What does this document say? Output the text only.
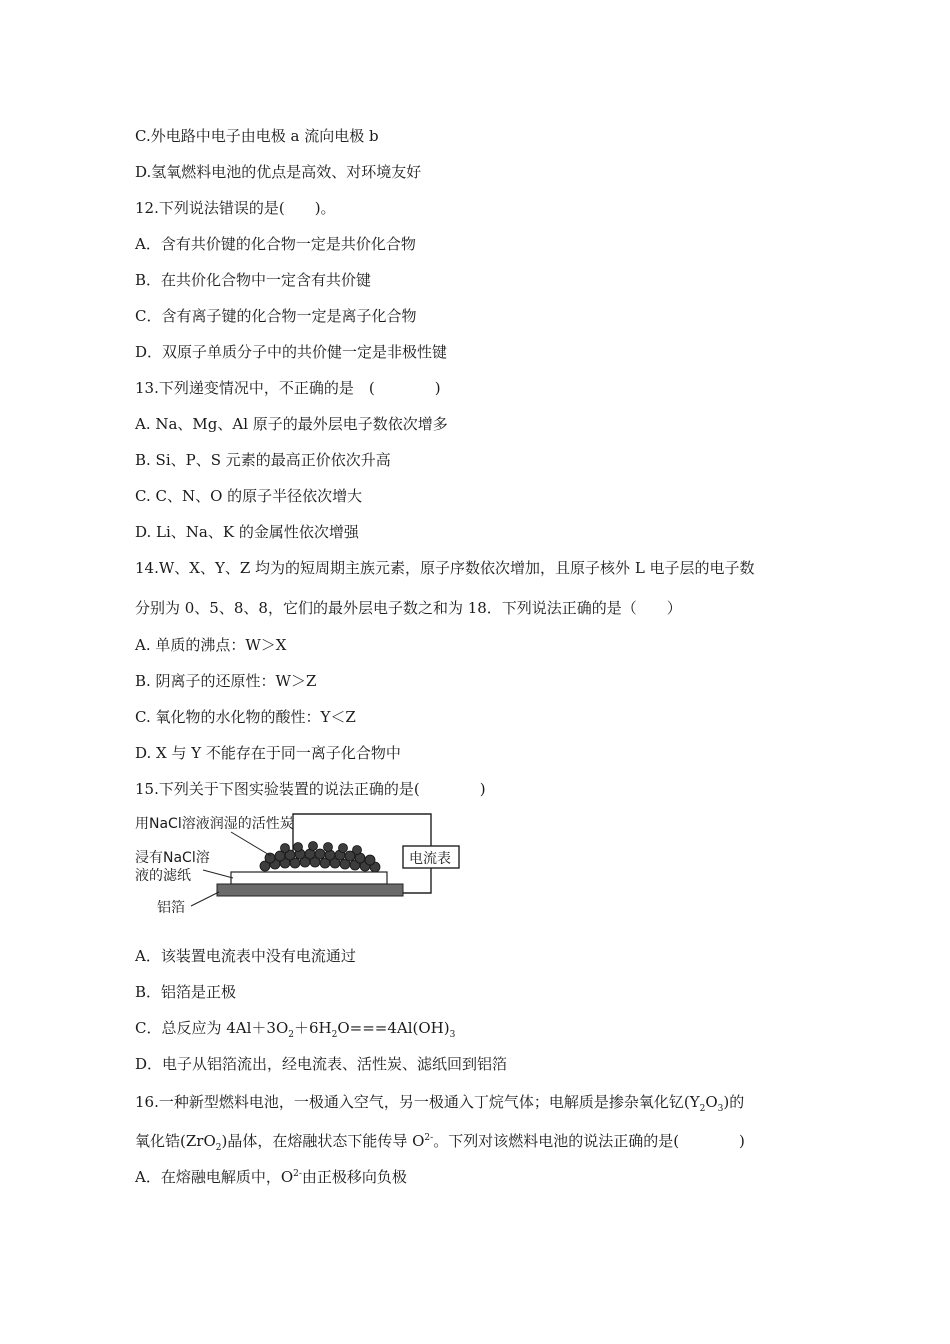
C.外电路中电子由电极 a 流向电极 b
D.氢氧燃料电池的优点是高效、对环境友好
12.下列说法错误的是(　　)。
A．含有共价键的化合物一定是共价化合物
B．在共价化合物中一定含有共价键
C．含有离子键的化合物一定是离子化合物
D．双原子单质分子中的共价健一定是非极性键
13.下列递变情况中，不正确的是　(　　　　)
A. Na、Mg、Al 原子的最外层电子数依次增多
B. Si、P、S 元素的最高正价依次升高
C. C、N、O 的原子半径依次增大
D. Li、Na、K 的金属性依次增强
14.W、X、Y、Z 均为的短周期主族元素，原子序数依次增加，且原子核外 L 电子层的电子数
分别为 0、5、8、8，它们的最外层电子数之和为 18．下列说法正确的是（　　）
A. 单质的沸点：W＞X
B. 阴离子的还原性：W＞Z
C. 氧化物的水化物的酸性：Y＜Z
D. X 与 Y 不能存在于同一离子化合物中
15.下列关于下图实验装置的说法正确的是(　　　　)
电流表
用NaCl溶液润湿的活性炭
浸有NaCl溶
液的滤纸
铝箔
A．该装置电流表中没有电流通过
B．铝箔是正极
C．总反应为 $4Al+3O_2+6H_2O===4Al(OH)_3$
D．电子从铝箔流出，经电流表、活性炭、滤纸回到铝箔
16.一种新型燃料电池，一极通入空气，另一极通入丁烷气体；电解质是掺杂氧化钇$(Y_2O_3)$的
氧化锆(ZrO$_2$)晶体，在熔融状态下能传导 $O^{2-}$。下列对该燃料电池的说法正确的是(　　　　)
A．在熔融电解质中，$O^{2-}$由正极移向负极
